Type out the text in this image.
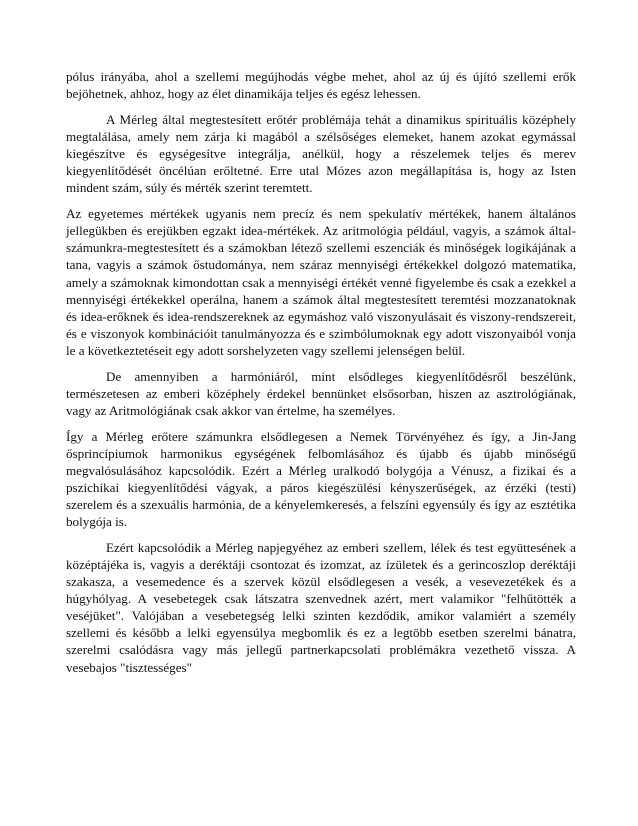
pólus irányába, ahol a szellemi megújhodás végbe mehet, ahol az új és újító szellemi erők bejöhetnek, ahhoz, hogy az élet dinamikája teljes és egész lehessen.

A Mérleg által megtestesített erőtér problémája tehát a dinamikus spirituális középhely megtalálása, amely nem zárja ki magából a szélsőséges elemeket, hanem azokat egymással kiegészítve és egységesítve integrálja, anélkül, hogy a részelemek teljes és merev kiegyenlítődését öncélúan erőltetné. Erre utal Mózes azon megállapítása is, hogy az Isten mindent szám, súly és mérték szerint teremtett.

Az egyetemes mértékek ugyanis nem precíz és nem spekulatív mértékek, hanem általános jellegükben és erejükben egzakt idea-mértékek. Az aritmológia például, vagyis, a számok által-számunkra-megtestesített és a számokban létező szellemi eszenciák és minőségek logikájának a tana, vagyis a számok őstudománya, nem száraz mennyiségi értékekkel dolgozó matematika, amely a számoknak kimondottan csak a mennyiségi értékét venné figyelembe és csak a ezekkel a mennyiségi értékekkel operálna, hanem a számok által megtestesített teremtési mozzanatoknak és idea-erőknek és idea-rendszereknek az egymáshoz való viszonyulásait és viszony-rendszereit, és e viszonyok kombinációit tanulmányozza és e szimbólumoknak egy adott viszonyaiból vonja le a következtetéseit egy adott sorshelyzeten vagy szellemi jelenségen belül.

De amennyiben a harmóniáról, mint elsődleges kiegyenlítődésről beszélünk, természetesen az emberi középhely érdekel bennünket elsősorban, hiszen az asztrológiának, vagy az Aritmológiának csak akkor van értelme, ha személyes.

Így a Mérleg erőtere számunkra elsődlegesen a Nemek Törvényéhez és így, a Jin-Jang ősprincípiumok harmonikus egységének felbomlásához és újabb és újabb minőségű megvalósulásához kapcsolódik. Ezért a Mérleg uralkodó bolygója a Vénusz, a fizikai és a pszichikai kiegyenlítődési vágyak, a páros kiegészülési kényszerűségek, az érzéki (testi) szerelem és a szexuális harmónia, de a kényelemkeresés, a felszíni egyensúly és így az esztétika bolygója is.

Ezért kapcsolódik a Mérleg napjegyéhez az emberi szellem, lélek és test együttesének a középtájéka is, vagyis a deréktáji csontozat és izomzat, az ízületek és a gerincoszlop deréktáji szakasza, a vesemedence és a szervek közül elsődlegesen a vesék, a vesevezetékek és a húgyhólyag. A vesebetegek csak látszatra szenvednek azért, mert valamikor "felhűtötték a veséjüket". Valójában a vesebetegség lelki szinten kezdődik, amikor valamiért a személy szellemi és később a lelki egyensúlya megbomlik és ez a legtöbb esetben szerelmi bánatra, szerelmi csalódásra vagy más jellegű partnerkapcsolati problémákra vezethető vissza. A vesebajos "tisztességes"
